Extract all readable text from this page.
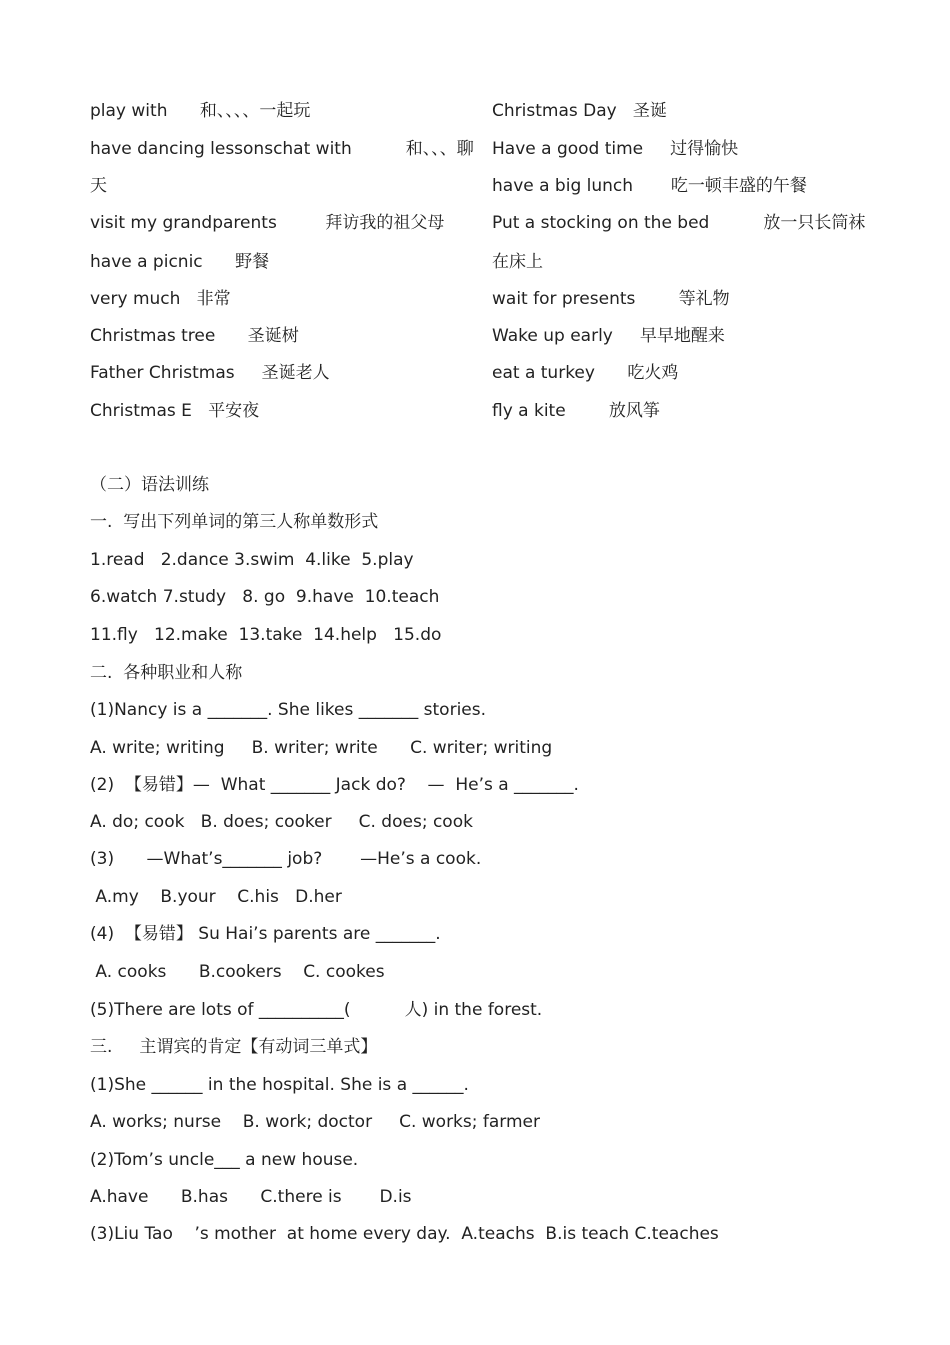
play with      和、、、、一起玩
have dancing lessonschat with          和、、、聊
天
visit my grandparents         拜访我的祖父母
have a picnic      野餐
very much   非常
Christmas tree      圣诞树
Father Christmas     圣诞老人
Christmas E   平安夜
Christmas Day   圣诞
Have a good time     过得愉快
have a big lunch       吃一顿丰盛的午餐
Put a stocking on the bed          放一只长筒袜
在床上
wait for presents        等礼物
Wake up early     早早地醒来
eat a turkey      吃火鸡
fly a kite        放风筝
（二）语法训练
一.  写出下列单词的第三人称单数形式
1.read   2.dance 3.swim  4.like  5.play
6.watch 7.study   8. go  9.have  10.teach
11.fly   12.make  13.take  14.help   15.do
二.  各种职业和人称
(1)Nancy is a _______. She likes _______ stories.
A. write; writing     B. writer; write      C. writer; writing
(2)  【易错】—  What _______ Jack do?    —  He’s a _______.
A. do; cook   B. does; cooker     C. does; cook
(3)      —What’s_______ job?       —He’s a cook.
A.my    B.your    C.his   D.her
(4)  【易错】 Su Hai’s parents are _______.
A. cooks      B.cookers    C. cookes
(5)There are lots of __________(          人) in the forest.
三.     主谓宾的肯定【有动词三单式】
(1)She ______ in the hospital. She is a ______.
A. works; nurse    B. work; doctor     C. works; farmer
(2)Tom’s uncle___ a new house.
A.have      B.has      C.there is       D.is
(3)Liu Tao    ’s mother  at home every day.  A.teachs  B.is teach C.teaches
